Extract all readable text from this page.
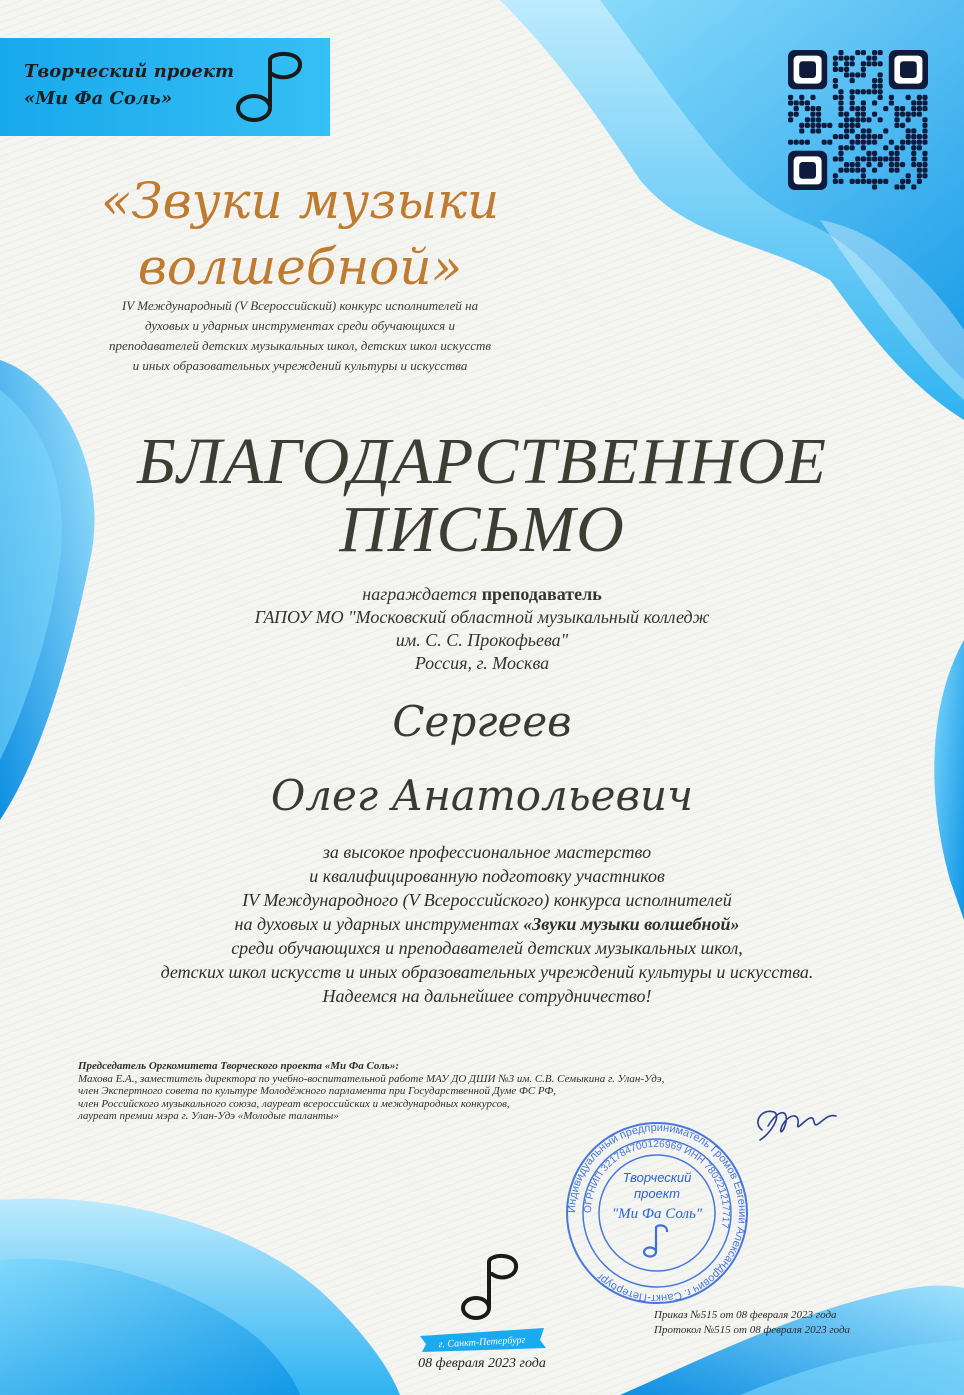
Творческий проект
«Ми Фа Соль»
«Звуки музыки
волшебной»
IV Международный (V Всероссийский) конкурс исполнителей на
духовых и ударных инструментах среди обучающихся и
преподавателей детских музыкальных школ, детских школ искусств
и иных образовательных учреждений культуры и искусства
БЛАГОДАРСТВЕННОЕ
ПИСЬМО
награждается преподаватель
ГАПОУ МО "Московский областной музыкальный колледж
им. С. С. Прокофьева"
Россия, г. Москва
Сергеев
Олег Анатольевич
за высокое профессиональное мастерство
и квалифицированную подготовку участников
IV Международного (V Всероссийского) конкурса исполнителей
на духовых и ударных инструментах «Звуки музыки волшебной»
среди обучающихся и преподавателей детских музыкальных школ,
детских школ искусств и иных образовательных учреждений культуры и искусства.
Надеемся на дальнейшее сотрудничество!
Председатель Оргкомитета Творческого проекта «Ми Фа Соль»:
Махова Е.А., заместитель директора по учебно-воспитательной работе МАУ ДО ДШИ №3 им. С.В. Семыкина г. Улан-Удэ,
член Экспертного совета по культуре Молодёжного парламента при Государственной Думе ФС РФ,
член Российского музыкального союза, лауреат всероссийских и международных конкурсов,
лауреат премии мэра г. Улан-Удэ «Молодые таланты»
Индивидуальный предприниматель Громов Евгений Александрович г. Санкт-Петербург
ОГРНИП 321784700126969 ИНН 780221217717
Творческий
проект
"Ми Фа Соль"
г. Санкт-Петербург
08 февраля 2023 года
Приказ №515 от 08 февраля 2023 года
Протокол №515 от 08 февраля 2023 года
